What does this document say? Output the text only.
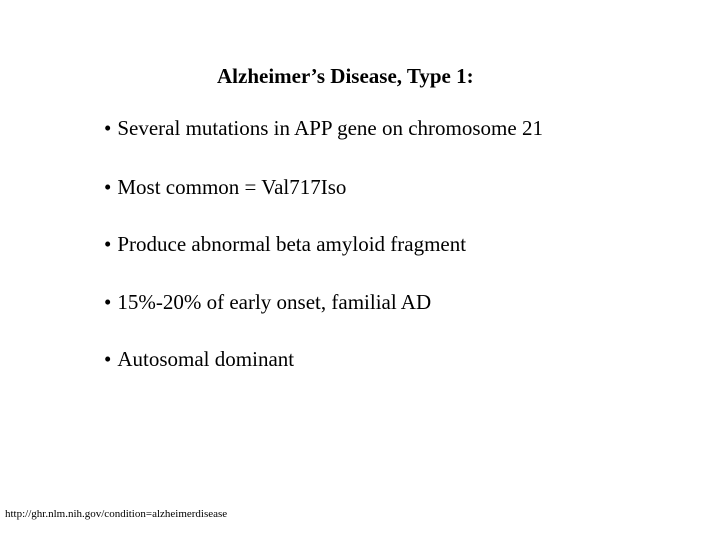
Alzheimer’s Disease, Type 1:
• Several mutations in APP gene on chromosome 21
• Most common = Val717Iso
• Produce abnormal beta amyloid fragment
• 15%-20% of early onset, familial AD
• Autosomal dominant
http://ghr.nlm.nih.gov/condition=alzheimerdisease
